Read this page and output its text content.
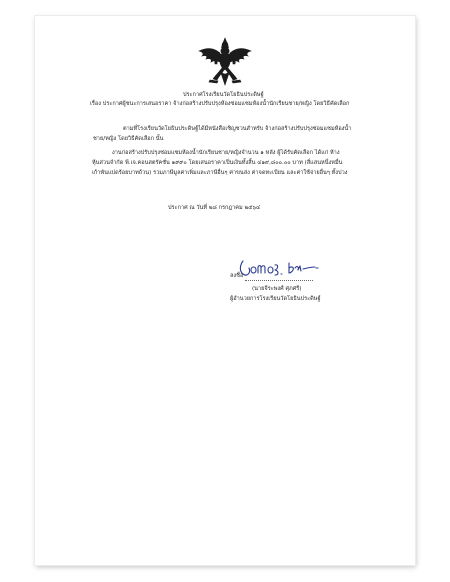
ประกาศโรงเรียนวัดโยธินประดิษฐ์
เรื่อง ประกาศผู้ชนะการเสนอราคา จ้างก่อสร้างปรับปรุงห้องซ่อมแซมห้องน้ำนักเรียนชาย/หญิง โดยวิธีคัดเลือก
ตามที่โรงเรียนวัดโยธินประดิษฐ์ได้มีหนังสือเชิญชวนสำหรับ จ้างก่อสร้างปรับปรุงซ่อมแซมห้องน้ำ
ชาย/หญิง โดยวิธีคัดเลือก นั้น
งานก่อสร้างปรับปรุงซ่อมแซมห้องน้ำนักเรียนชาย/หญิงจำนวน ๑ หลัง ผู้ได้รับคัดเลือก ได้แก่ ห้าง
หุ้นส่วนจำกัด พี.เจ.คอนสตรัคชั่น ๑๙๙๐ โดยเสนอราคาเป็นเงินทั้งสิ้น ๔๑๙,๘๐๐.๐๐ บาท (สี่แสนหนึ่งหมื่น
เก้าพันแปดร้อยบาทถ้วน) รวมภาษีมูลค่าเพิ่มและภาษีอื่นๆ ค่าขนส่ง ค่าจดทะเบียน และค่าใช้จ่ายอื่นๆ ทั้งปวง
ประกาศ ณ วันที่ ๒๘ กรกฎาคม ๒๕๖๔
ลงชื่อ
(นายจีระพงศ์ ศุภศรี)
ผู้อำนวยการโรงเรียนวัดโยธินประดิษฐ์
